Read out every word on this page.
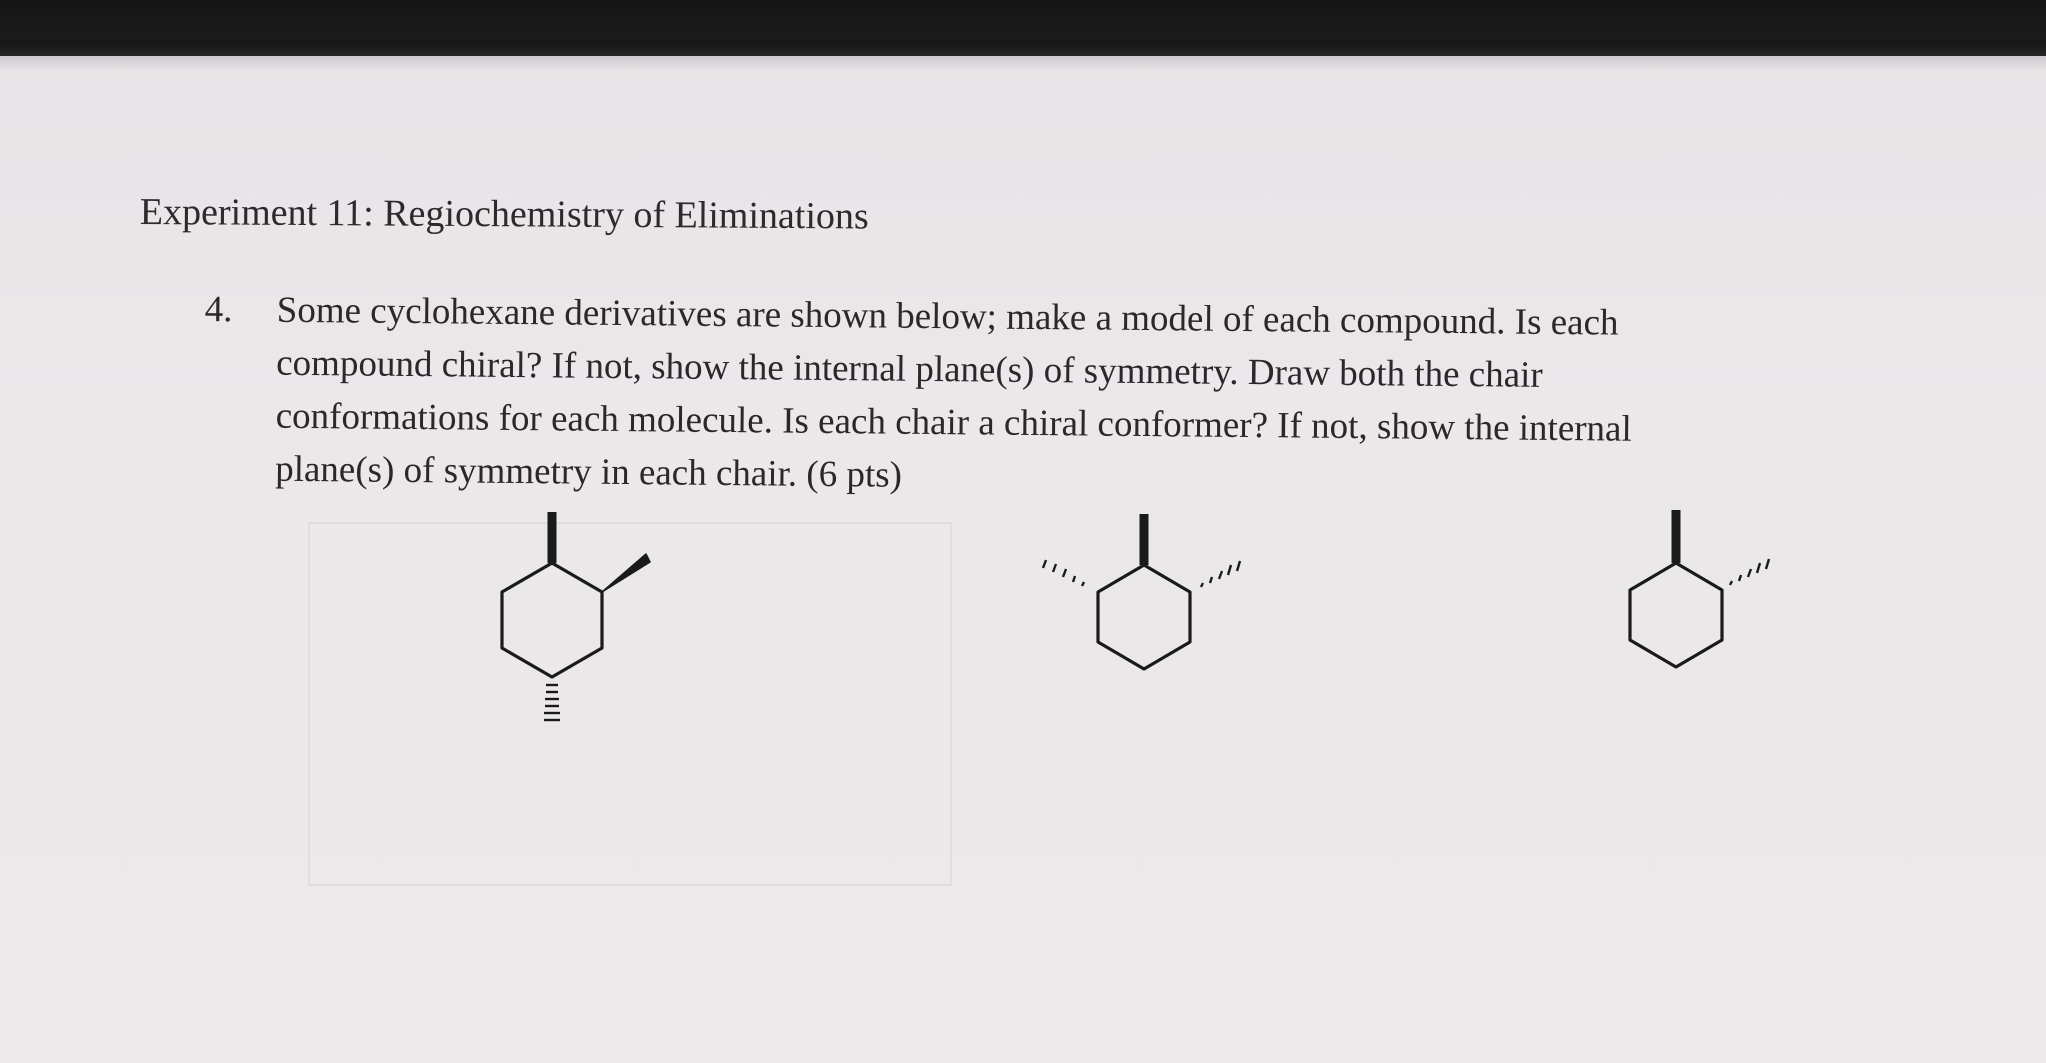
Experiment 11: Regiochemistry of Eliminations
4. Some cyclohexane derivatives are shown below; make a model of each compound. Is each
compound chiral? If not, show the internal plane(s) of symmetry. Draw both the chair
conformations for each molecule. Is each chair a chiral conformer? If not, show the internal
plane(s) of symmetry in each chair. (6 pts)
